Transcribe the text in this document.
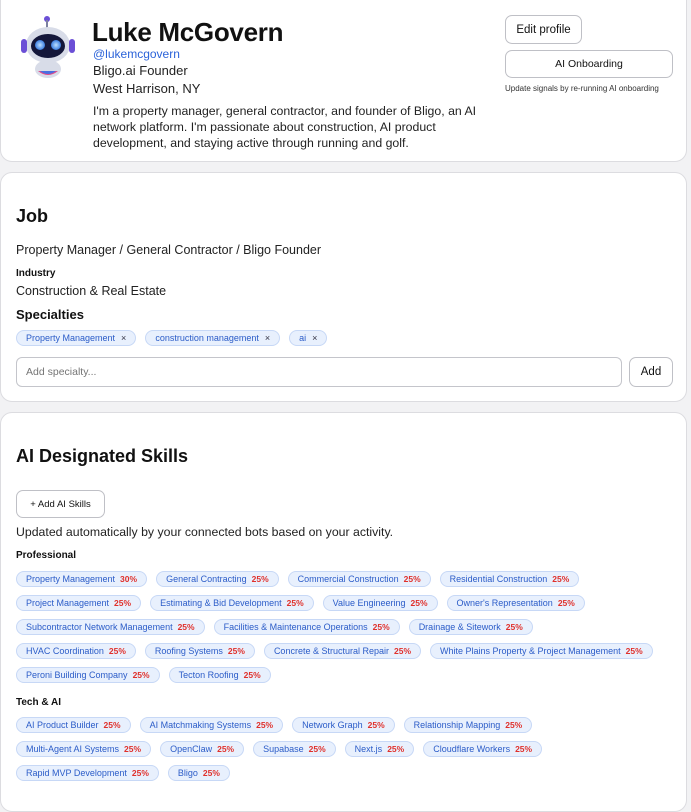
Luke McGovern
@lukemcgovern
Bligo.ai Founder
West Harrison, NY
I'm a property manager, general contractor, and founder of Bligo, an AI network platform. I'm passionate about construction, AI product development, and staying active through running and golf.
Edit profile
AI Onboarding
Update signals by re-running AI onboarding
Job
Property Manager / General Contractor / Bligo Founder
Industry
Construction & Real Estate
Specialties
Property Management ×	construction management ×	ai ×
Add specialty...
Add
AI Designated Skills
+ Add AI Skills
Updated automatically by your connected bots based on your activity.
Professional
Property Management 30%	General Contracting 25%	Commercial Construction 25%	Residential Construction 25%
Project Management 25%	Estimating & Bid Development 25%	Value Engineering 25%	Owner's Representation 25%
Subcontractor Network Management 25%	Facilities & Maintenance Operations 25%	Drainage & Sitework 25%
HVAC Coordination 25%	Roofing Systems 25%	Concrete & Structural Repair 25%	White Plains Property & Project Management 25%
Peroni Building Company 25%	Tecton Roofing 25%
Tech & AI
AI Product Builder 25%	AI Matchmaking Systems 25%	Network Graph 25%	Relationship Mapping 25%
Multi-Agent AI Systems 25%	OpenClaw 25%	Supabase 25%	Next.js 25%	Cloudflare Workers 25%
Rapid MVP Development 25%	Bligo 25%
